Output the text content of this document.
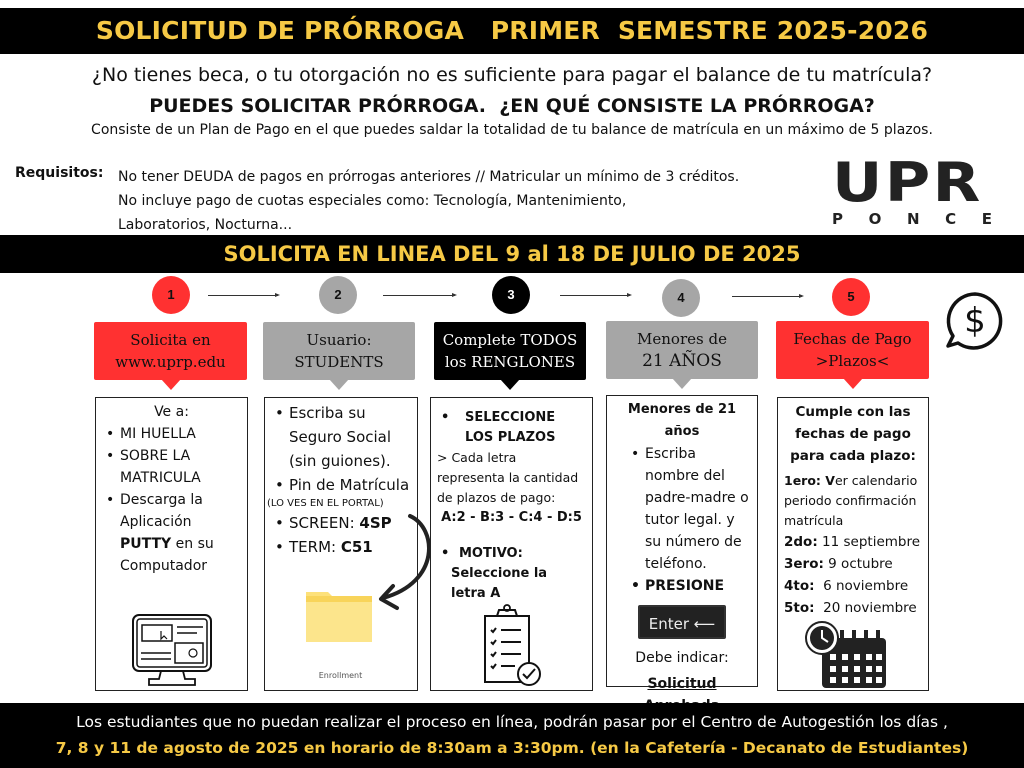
SOLICITUD DE PRÓRROGA   PRIMER  SEMESTRE 2025-2026
¿No tienes beca, o tu otorgación no es suficiente para pagar el balance de tu matrícula?
PUEDES SOLICITAR PRÓRROGA.  ¿EN QUÉ CONSISTE LA PRÓRROGA?
Consiste de un Plan de Pago en el que puedes saldar la totalidad de tu balance de matrícula en un máximo de 5 plazos.
Requisitos: No tener DEUDA de pagos en prórrogas anteriores // Matricular un mínimo de 3 créditos.
No incluye pago de cuotas especiales como: Tecnología, Mantenimiento,
Laboratorios, Nocturna...
UPR
P O N C E
SOLICITA EN LINEA DEL 9 al 18 DE JULIO DE 2025
1	2	3	4	5
$
Solicita en
www.uprp.edu
Usuario:
STUDENTS
Complete TODOS
los RENGLONES
Menores de
21 AÑOS
Fechas de Pago
>Plazos<
Ve a:
• MI HUELLA
• SOBRE LA MATRICULA
• Descarga la Aplicación PUTTY en su Computador
• Escriba su Seguro Social (sin guiones).
• Pin de Matrícula
(LO VES EN EL PORTAL)
• SCREEN: 4SP
• TERM: C51
Enrollment
• SELECCIONE LOS PLAZOS
> Cada letra representa la cantidad de plazos de pago:
A:2 - B:3 - C:4 - D:5
• MOTIVO:
Seleccione la letra A
Menores de 21 años
• Escriba nombre del padre-madre o tutor legal. y su número de teléfono.
• PRESIONE
Enter ⟵
Debe indicar:
Solicitud
Cumple con las fechas de pago para cada plazo:
1ero: Ver calendario periodo confirmación matrícula
2do: 11 septiembre
3ero: 9 octubre
4to:  6 noviembre
5to:  20 noviembre
Los estudiantes que no puedan realizar el proceso en línea, podrán pasar por el Centro de Autogestión los días ,
7, 8 y 11 de agosto de 2025 en horario de 8:30am a 3:30pm. (en la Cafetería - Decanato de Estudiantes)
